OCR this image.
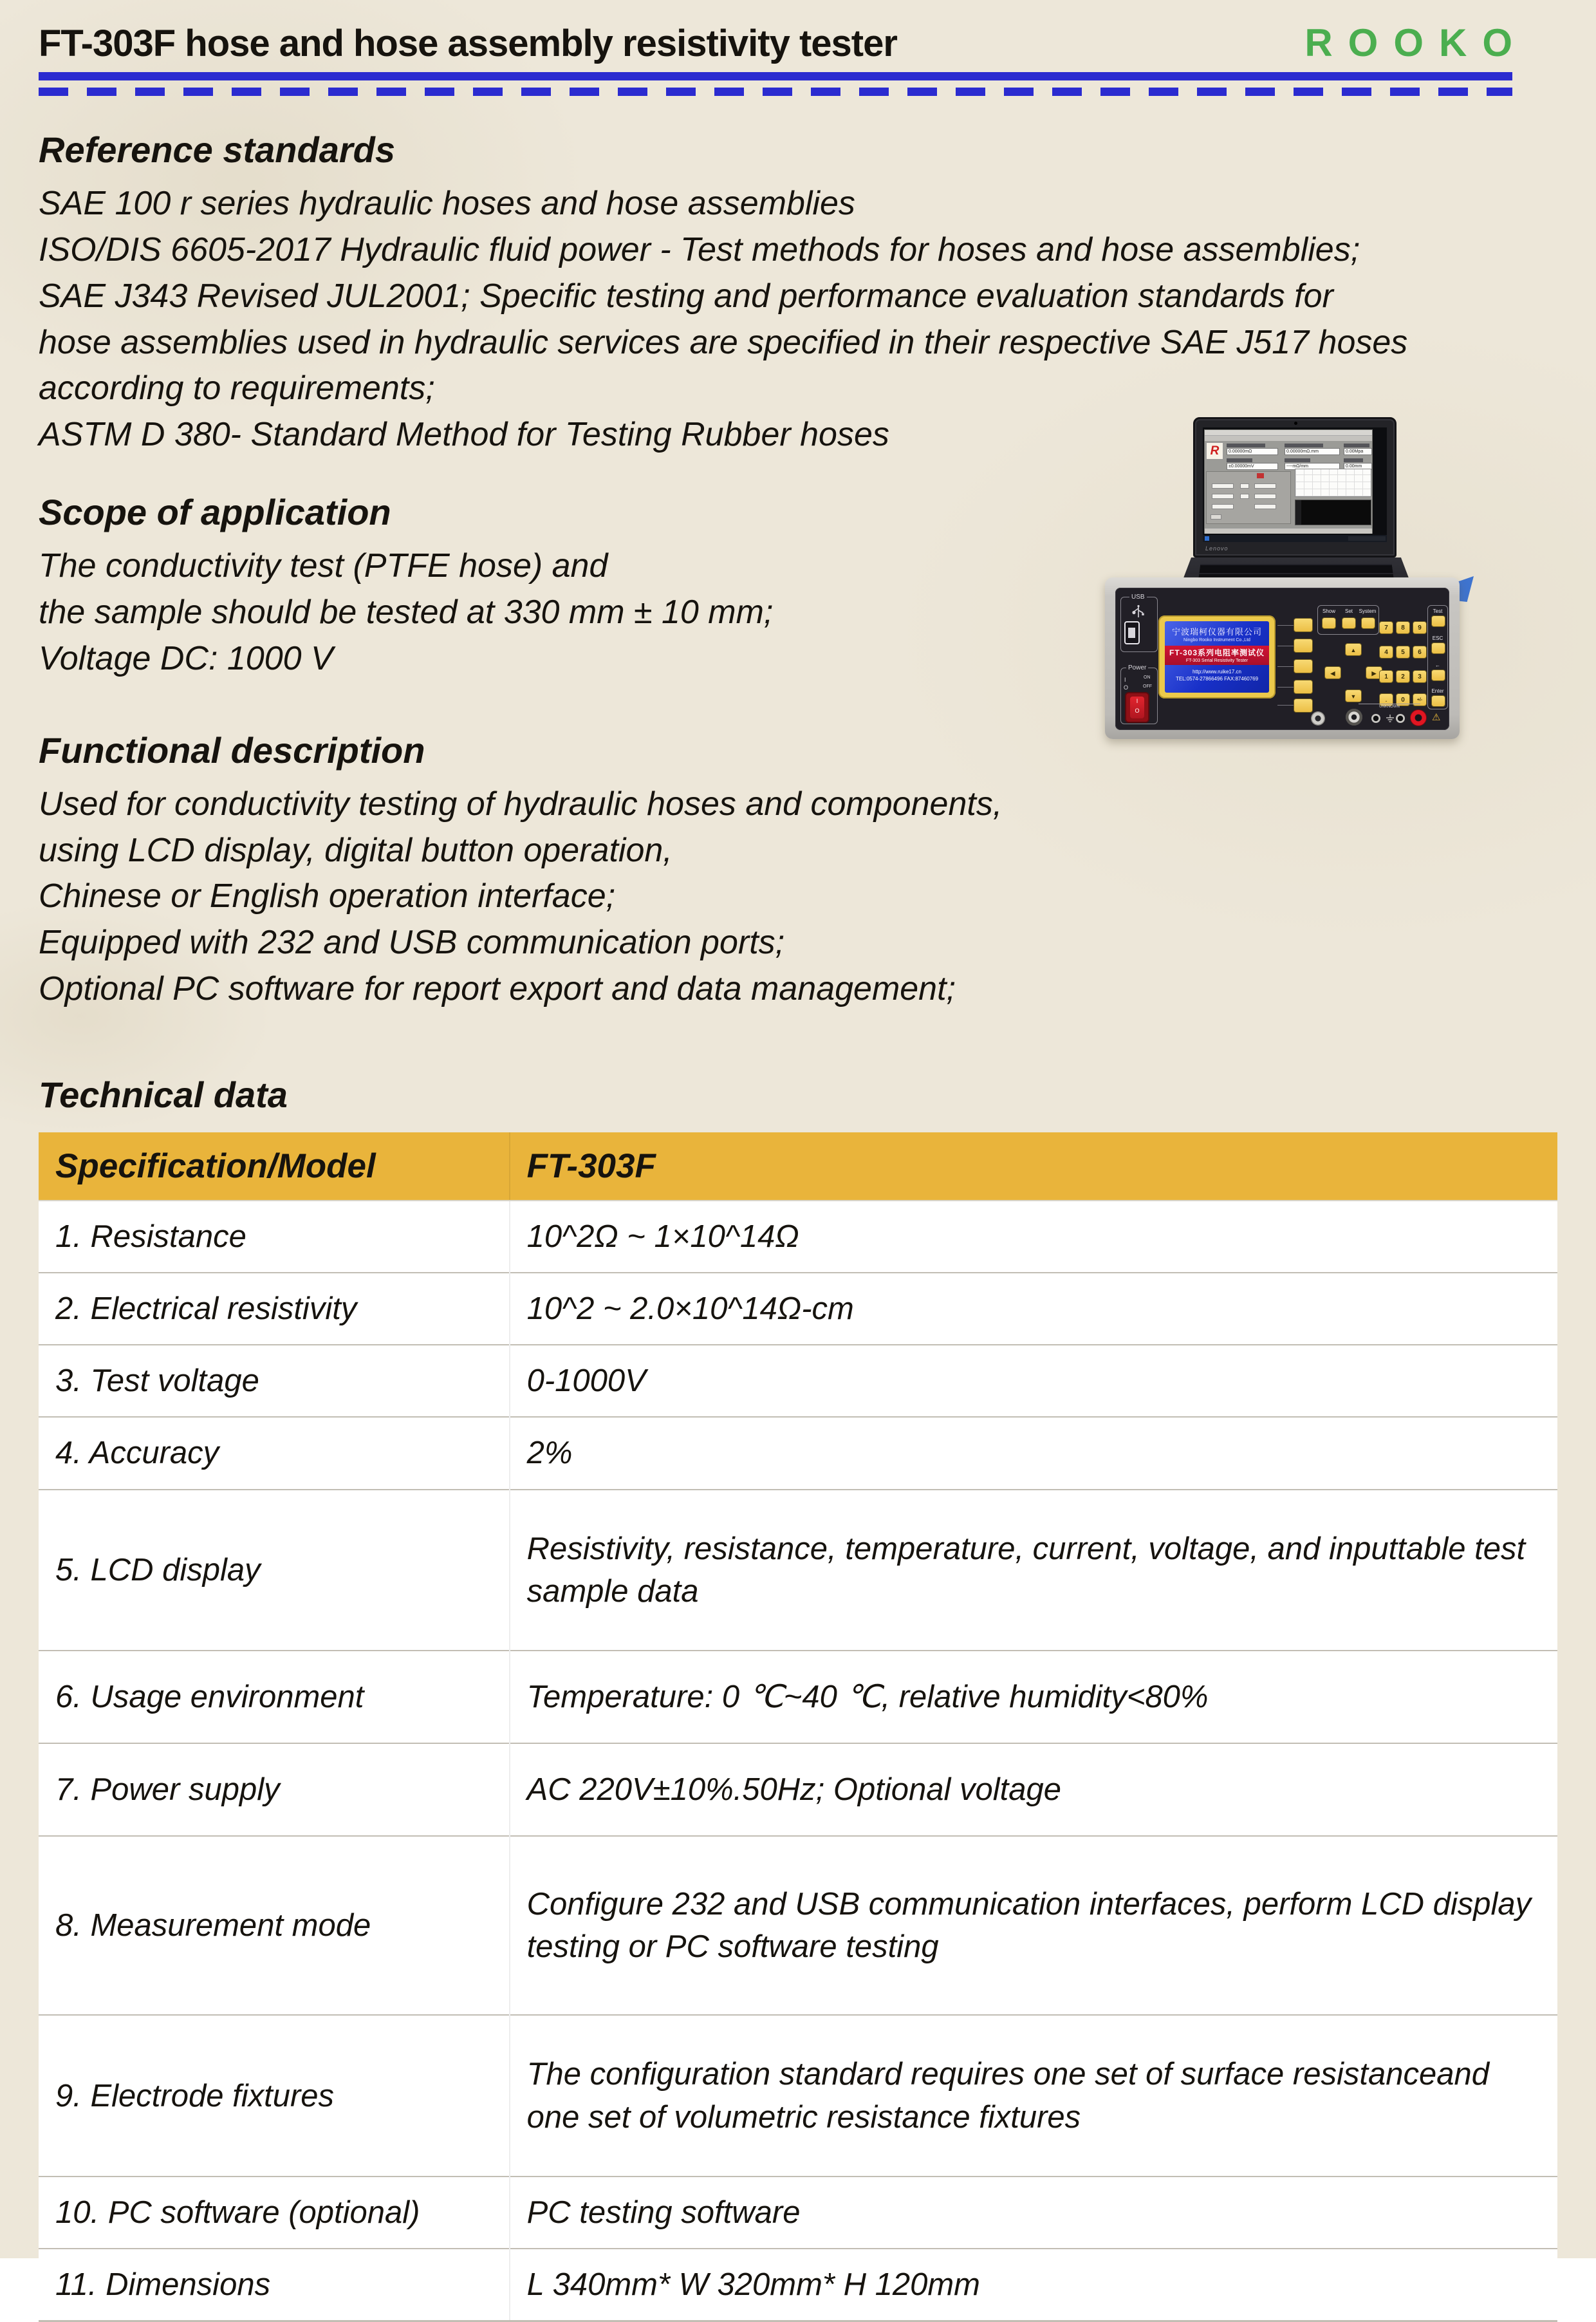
FT-303F hose and hose assembly resistivity tester	ROOKO
Reference standards
SAE 100 r series hydraulic hoses and hose assemblies
ISO/DIS 6605-2017 Hydraulic fluid power - Test methods for hoses and hose assemblies;
SAE J343 Revised JUL2001; Specific testing and performance evaluation standards for
hose assemblies used in hydraulic services are specified in their respective SAE J517 hoses
according to requirements;
ASTM D 380- Standard Method for Testing Rubber hoses
Scope of application
The conductivity test (PTFE hose) and
the sample should be tested at 330 mm ± 10 mm;
Voltage DC: 1000 V
Functional description
Used for conductivity testing of hydraulic hoses and components,
using LCD display, digital button operation,
Chinese or English operation interface;
Equipped with 232 and USB communication ports;
Optional PC software for report export and data management;
Technical data
Specification/Model	FT-303F
1. Resistance	10^2Ω ~ 1×10^14Ω
2. Electrical resistivity	10^2 ~ 2.0×10^14Ω-cm
3. Test voltage	0-1000V
4. Accuracy	2%
5. LCD display	Resistivity, resistance, temperature, current, voltage, and inputtable test sample data
6. Usage environment	Temperature: 0 ℃~40 ℃, relative humidity<80%
7. Power supply	AC 220V±10%.50Hz; Optional voltage
8. Measurement mode	Configure 232 and USB communication interfaces, perform LCD display testing or PC software testing
9. Electrode fixtures	The configuration standard requires one set of surface resistanceand one set of volumetric resistance fixtures
10. PC software (optional)	PC testing software
11. Dimensions	L 340mm* W 320mm* H 120mm
R	0.00000mΩ	0.00000mΩ.mm	0.00Mpa
±0.00000mV	----mΩ/mm	0.00mm
Lenovo
USB
Power
I	ON
O	OFF
I
O
宁波瑞柯仪器有限公司
Ningbo Rooko Instrument Co.,Ltd
FT-303系列电阻率测试仪
FT-303 Serial Resistivity Tester
http://www.ruike17.cn
TEL:0574-27866496 FAX:87460769
Show	Set	System
▲
◀	▶
▼
7	8	9
4	5	6
1	2	3
.	0	+/-
Test
ESC
←
Enter
UNKNOWN
⚠
